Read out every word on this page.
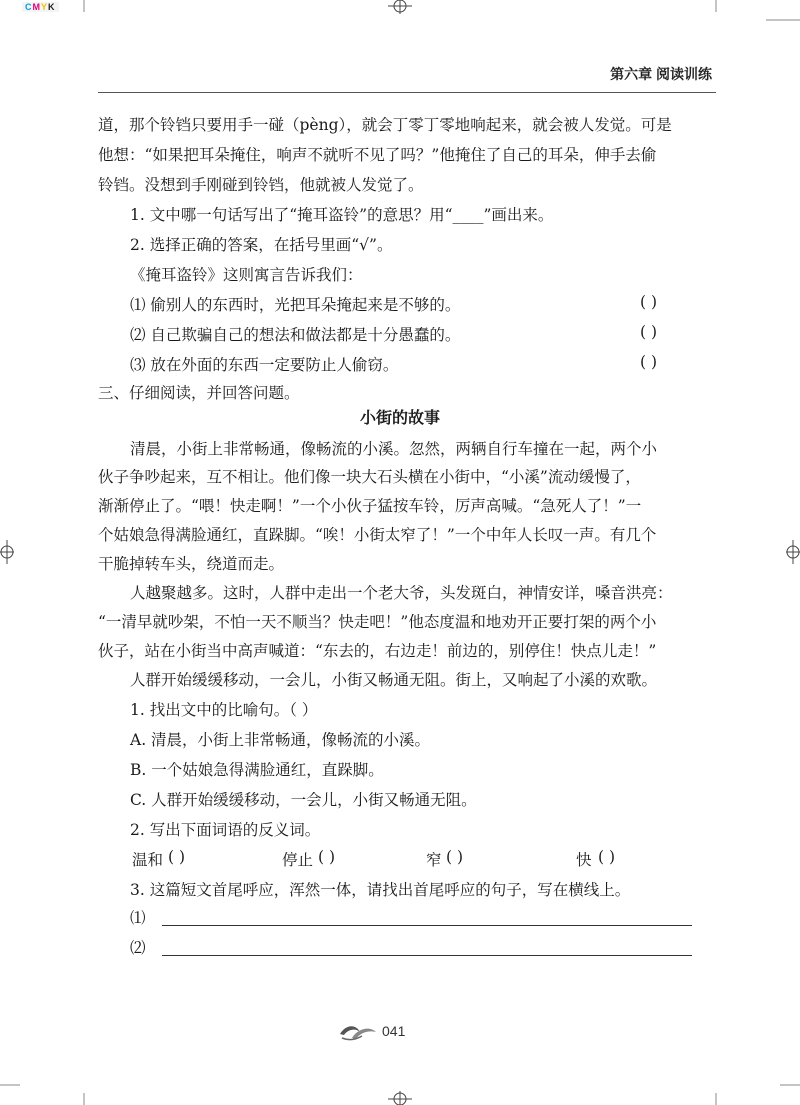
CMYK
第六章 阅读训练
道，那个铃铛只要用手一碰（pèng），就会丁零丁零地响起来，就会被人发觉。可是
他想：“如果把耳朵掩住，响声不就听不见了吗？”他掩住了自己的耳朵，伸手去偷
铃铛。没想到手刚碰到铃铛，他就被人发觉了。
1. 文中哪一句话写出了“掩耳盗铃”的意思？用“____”画出来。
2. 选择正确的答案，在括号里画“√”。
《掩耳盗铃》这则寓言告诉我们：
⑴ 偷别人的东西时，光把耳朵掩起来是不够的。	( )
⑵ 自己欺骗自己的想法和做法都是十分愚蠢的。	( )
⑶ 放在外面的东西一定要防止人偷窃。	( )
三、仔细阅读，并回答问题。
小街的故事
清晨，小街上非常畅通，像畅流的小溪。忽然，两辆自行车撞在一起，两个小
伙子争吵起来，互不相让。他们像一块大石头横在小街中，“小溪”流动缓慢了，
渐渐停止了。“喂！快走啊！”一个小伙子猛按车铃，厉声高喊。“急死人了！”一
个姑娘急得满脸通红，直跺脚。“唉！小街太窄了！”一个中年人长叹一声。有几个
干脆掉转车头，绕道而走。
人越聚越多。这时，人群中走出一个老大爷，头发斑白，神情安详，嗓音洪亮：
“一清早就吵架，不怕一天不顺当？快走吧！”他态度温和地劝开正要打架的两个小
伙子，站在小街当中高声喊道：“东去的，右边走！前边的，别停住！快点儿走！”
人群开始缓缓移动，一会儿，小街又畅通无阻。街上，又响起了小溪的欢歌。
1. 找出文中的比喻句。（ ）
A. 清晨，小街上非常畅通，像畅流的小溪。
B. 一个姑娘急得满脸通红，直跺脚。
C. 人群开始缓缓移动，一会儿，小街又畅通无阻。
2. 写出下面词语的反义词。
温和 ( )	停止 ( )	窄 ( )	快 ( )
3. 这篇短文首尾呼应，浑然一体，请找出首尾呼应的句子，写在横线上。
⑴
⑵
041
